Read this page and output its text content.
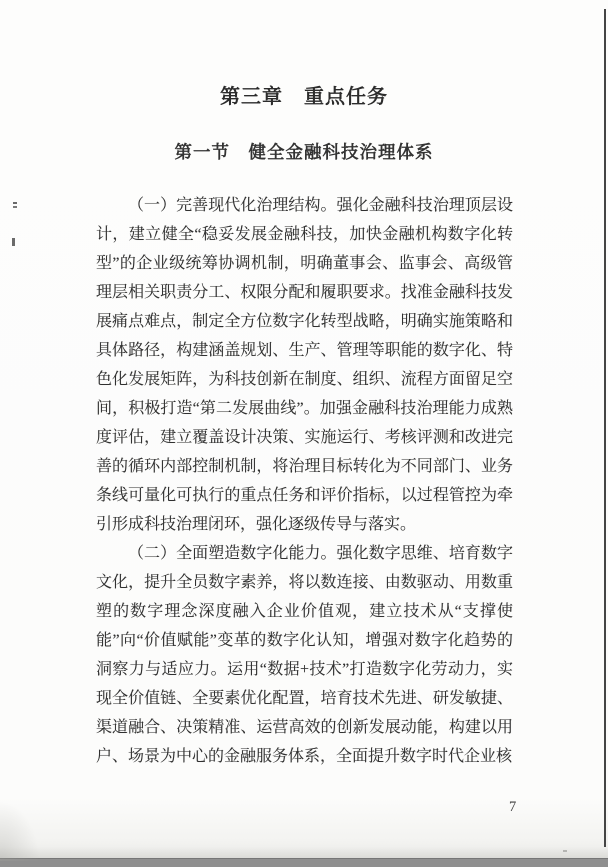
第三章　重点任务
第一节　健全金融科技治理体系

（一）完善现代化治理结构。强化金融科技治理顶层设计，建立健全“稳妥发展金融科技，加快金融机构数字化转型”的企业级统筹协调机制，明确董事会、监事会、高级管理层相关职责分工、权限分配和履职要求。找准金融科技发展痛点难点，制定全方位数字化转型战略，明确实施策略和具体路径，构建涵盖规划、生产、管理等职能的数字化、特色化发展矩阵，为科技创新在制度、组织、流程方面留足空间，积极打造“第二发展曲线”。加强金融科技治理能力成熟度评估，建立覆盖设计决策、实施运行、考核评测和改进完善的循环内部控制机制，将治理目标转化为不同部门、业务条线可量化可执行的重点任务和评价指标，以过程管控为牵引形成科技治理闭环，强化逐级传导与落实。

（二）全面塑造数字化能力。强化数字思维、培育数字文化，提升全员数字素养，将以数连接、由数驱动、用数重塑的数字理念深度融入企业价值观，建立技术从“支撑使能”向“价值赋能”变革的数字化认知，增强对数字化趋势的洞察力与适应力。运用“数据+技术”打造数字化劳动力，实现全价值链、全要素优化配置，培育技术先进、研发敏捷、渠道融合、决策精准、运营高效的创新发展动能，构建以用户、场景为中心的金融服务体系，全面提升数字时代企业核

7
